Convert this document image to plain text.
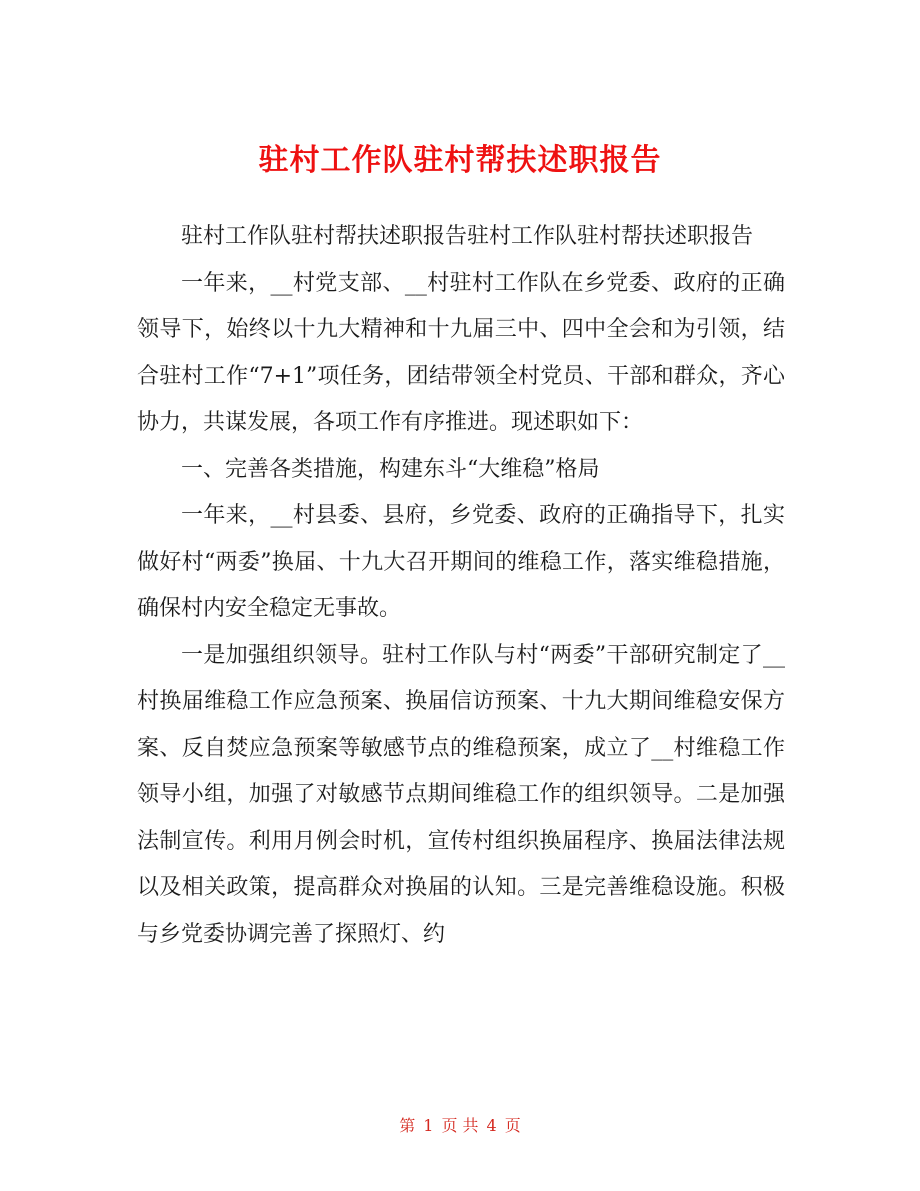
驻村工作队驻村帮扶述职报告

驻村工作队驻村帮扶述职报告驻村工作队驻村帮扶述职报告

一年来，__村党支部、__村驻村工作队在乡党委、政府的正确领导下，始终以十九大精神和十九届三中、四中全会和为引领，结合驻村工作“7+1”项任务，团结带领全村党员、干部和群众，齐心协力，共谋发展，各项工作有序推进。现述职如下：

一、完善各类措施，构建东斗“大维稳”格局

一年来，__村县委、县府，乡党委、政府的正确指导下，扎实做好村“两委”换届、十九大召开期间的维稳工作，落实维稳措施，确保村内安全稳定无事故。

一是加强组织领导。驻村工作队与村“两委”干部研究制定了__村换届维稳工作应急预案、换届信访预案、十九大期间维稳安保方案、反自焚应急预案等敏感节点的维稳预案，成立了__村维稳工作领导小组，加强了对敏感节点期间维稳工作的组织领导。二是加强法制宣传。利用月例会时机，宣传村组织换届程序、换届法律法规以及相关政策，提高群众对换届的认知。三是完善维稳设施。积极与乡党委协调完善了探照灯、约

第 1 页 共 4 页
